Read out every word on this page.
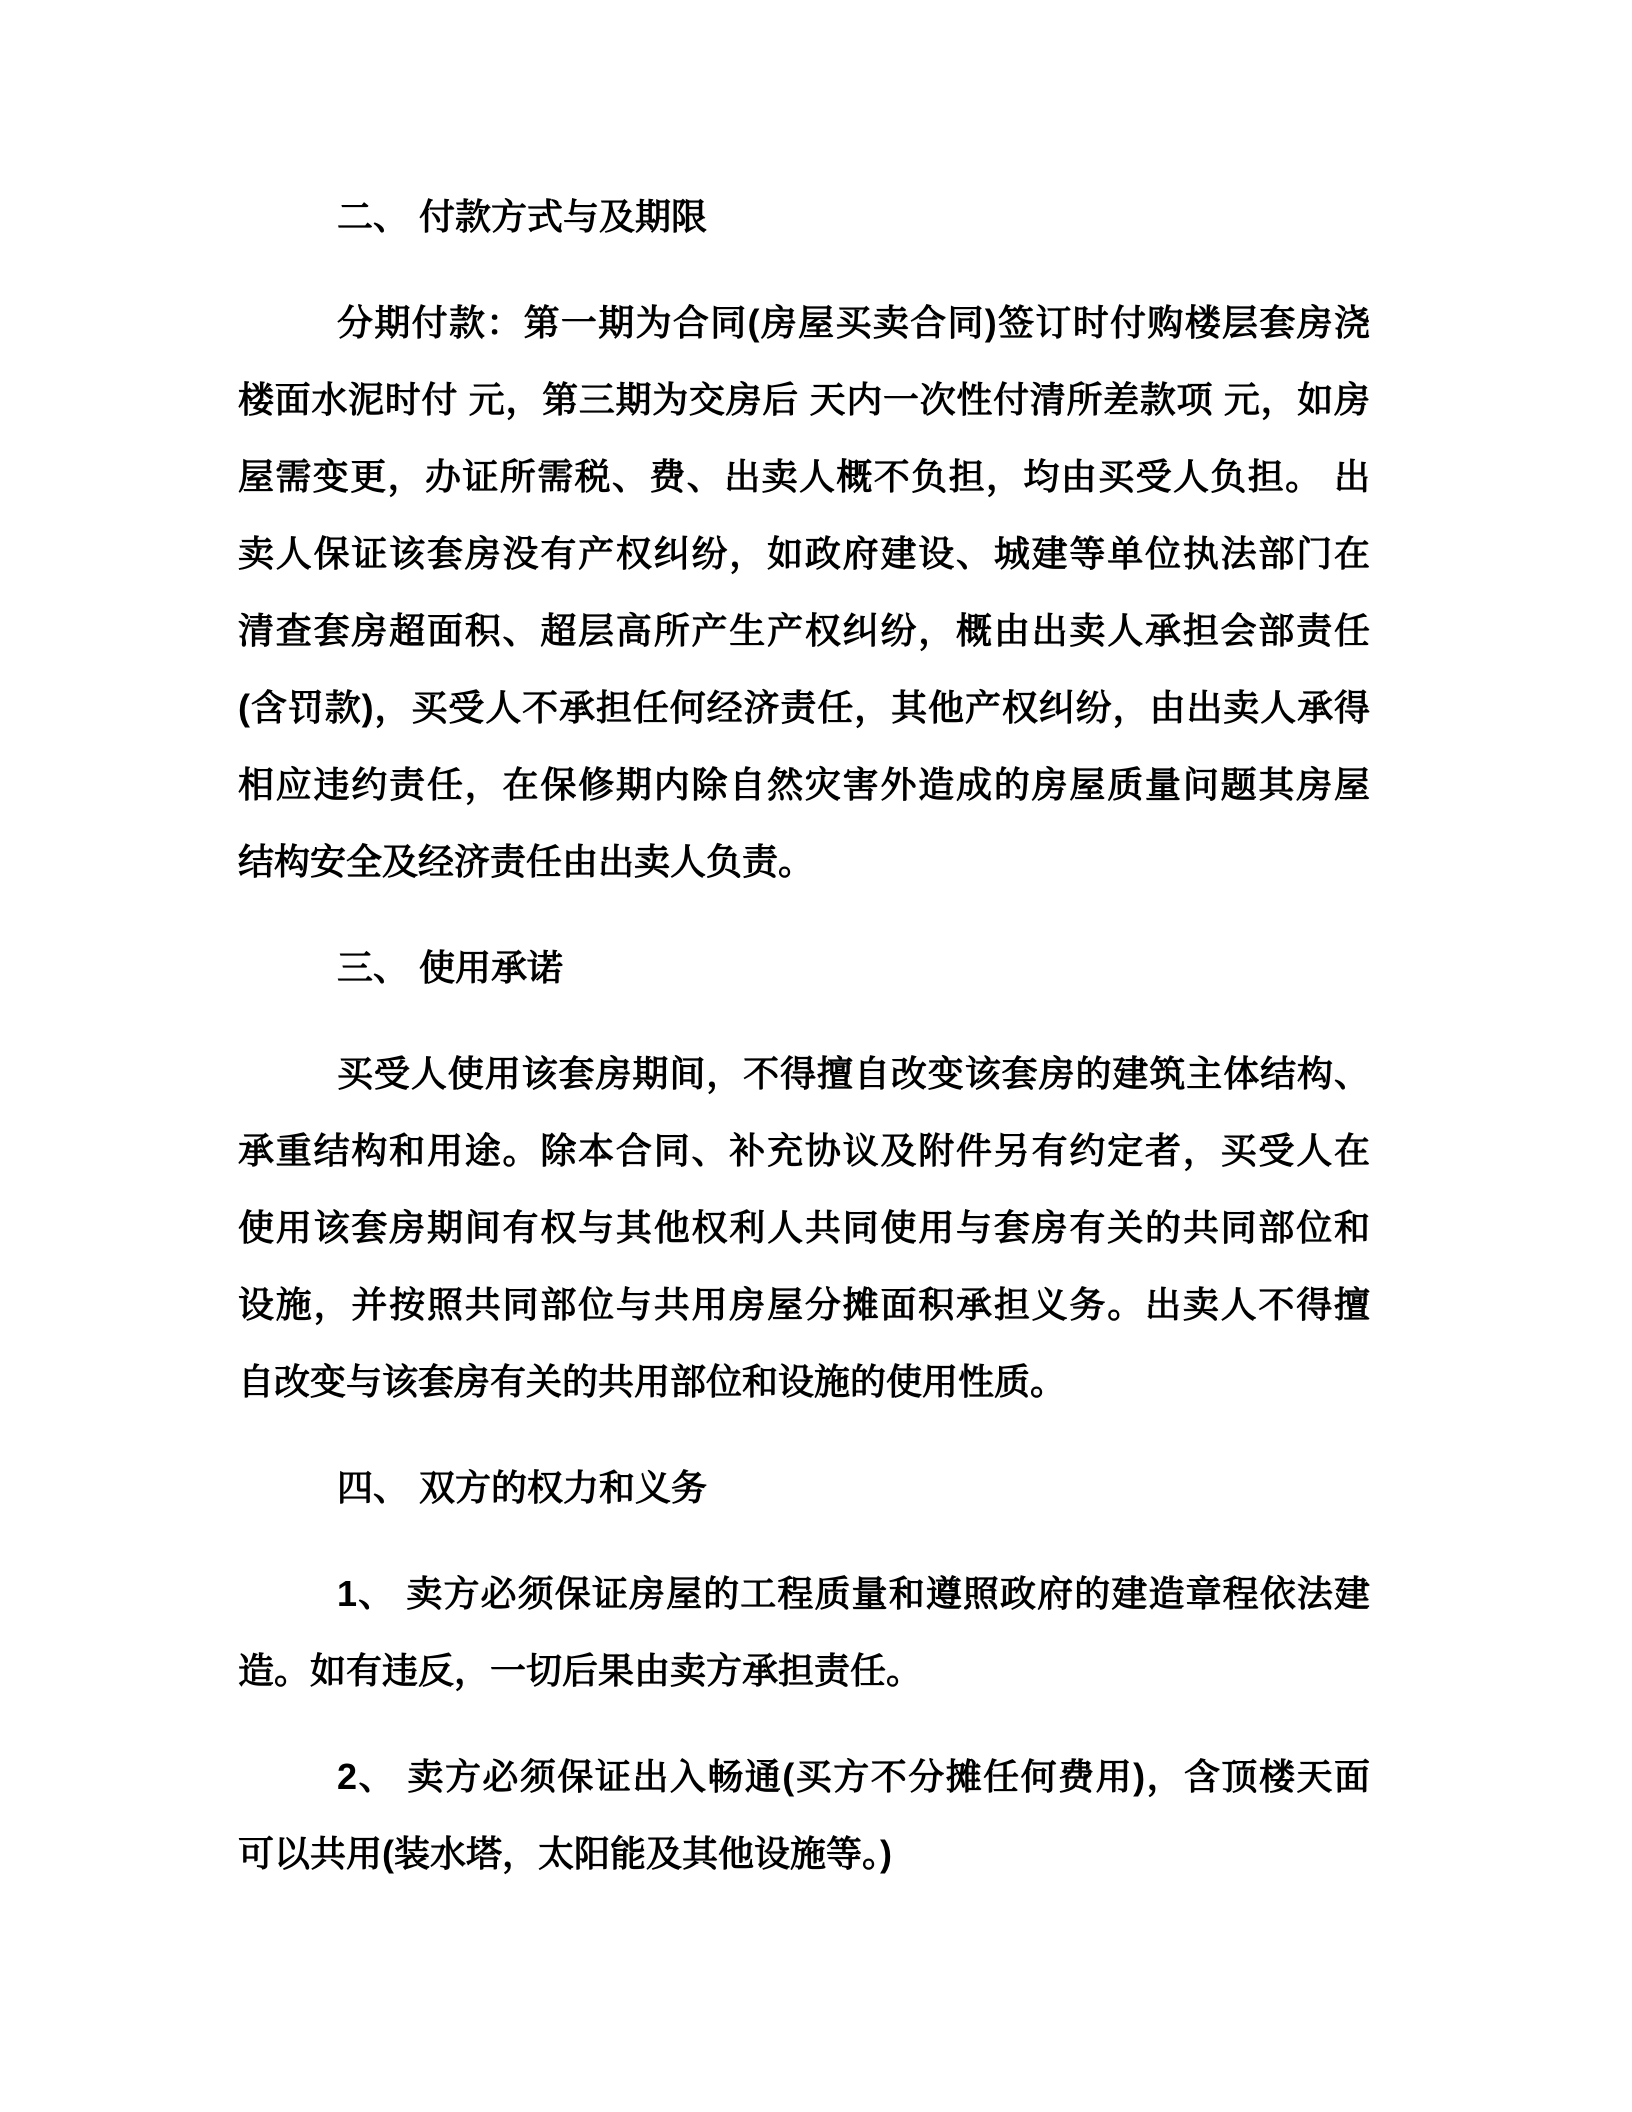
二、 付款方式与及期限
分期付款：第一期为合同(房屋买卖合同)签订时付购楼层套房浇
楼面水泥时付 元，第三期为交房后 天内一次性付清所差款项 元，如房
屋需变更，办证所需税、费、出卖人概不负担，均由买受人负担。 出
卖人保证该套房没有产权纠纷，如政府建设、城建等单位执法部门在
清查套房超面积、超层高所产生产权纠纷，概由出卖人承担会部责任
(含罚款)，买受人不承担任何经济责任，其他产权纠纷，由出卖人承得
相应违约责任，在保修期内除自然灾害外造成的房屋质量问题其房屋
结构安全及经济责任由出卖人负责。
三、 使用承诺
买受人使用该套房期间，不得擅自改变该套房的建筑主体结构、
承重结构和用途。除本合同、补充协议及附件另有约定者，买受人在
使用该套房期间有权与其他权利人共同使用与套房有关的共同部位和
设施，并按照共同部位与共用房屋分摊面积承担义务。出卖人不得擅
自改变与该套房有关的共用部位和设施的使用性质。
四、 双方的权力和义务
1、 卖方必须保证房屋的工程质量和遵照政府的建造章程依法建
造。如有违反，一切后果由卖方承担责任。
2、 卖方必须保证出入畅通(买方不分摊任何费用)，含顶楼天面
可以共用(装水塔，太阳能及其他设施等。)
